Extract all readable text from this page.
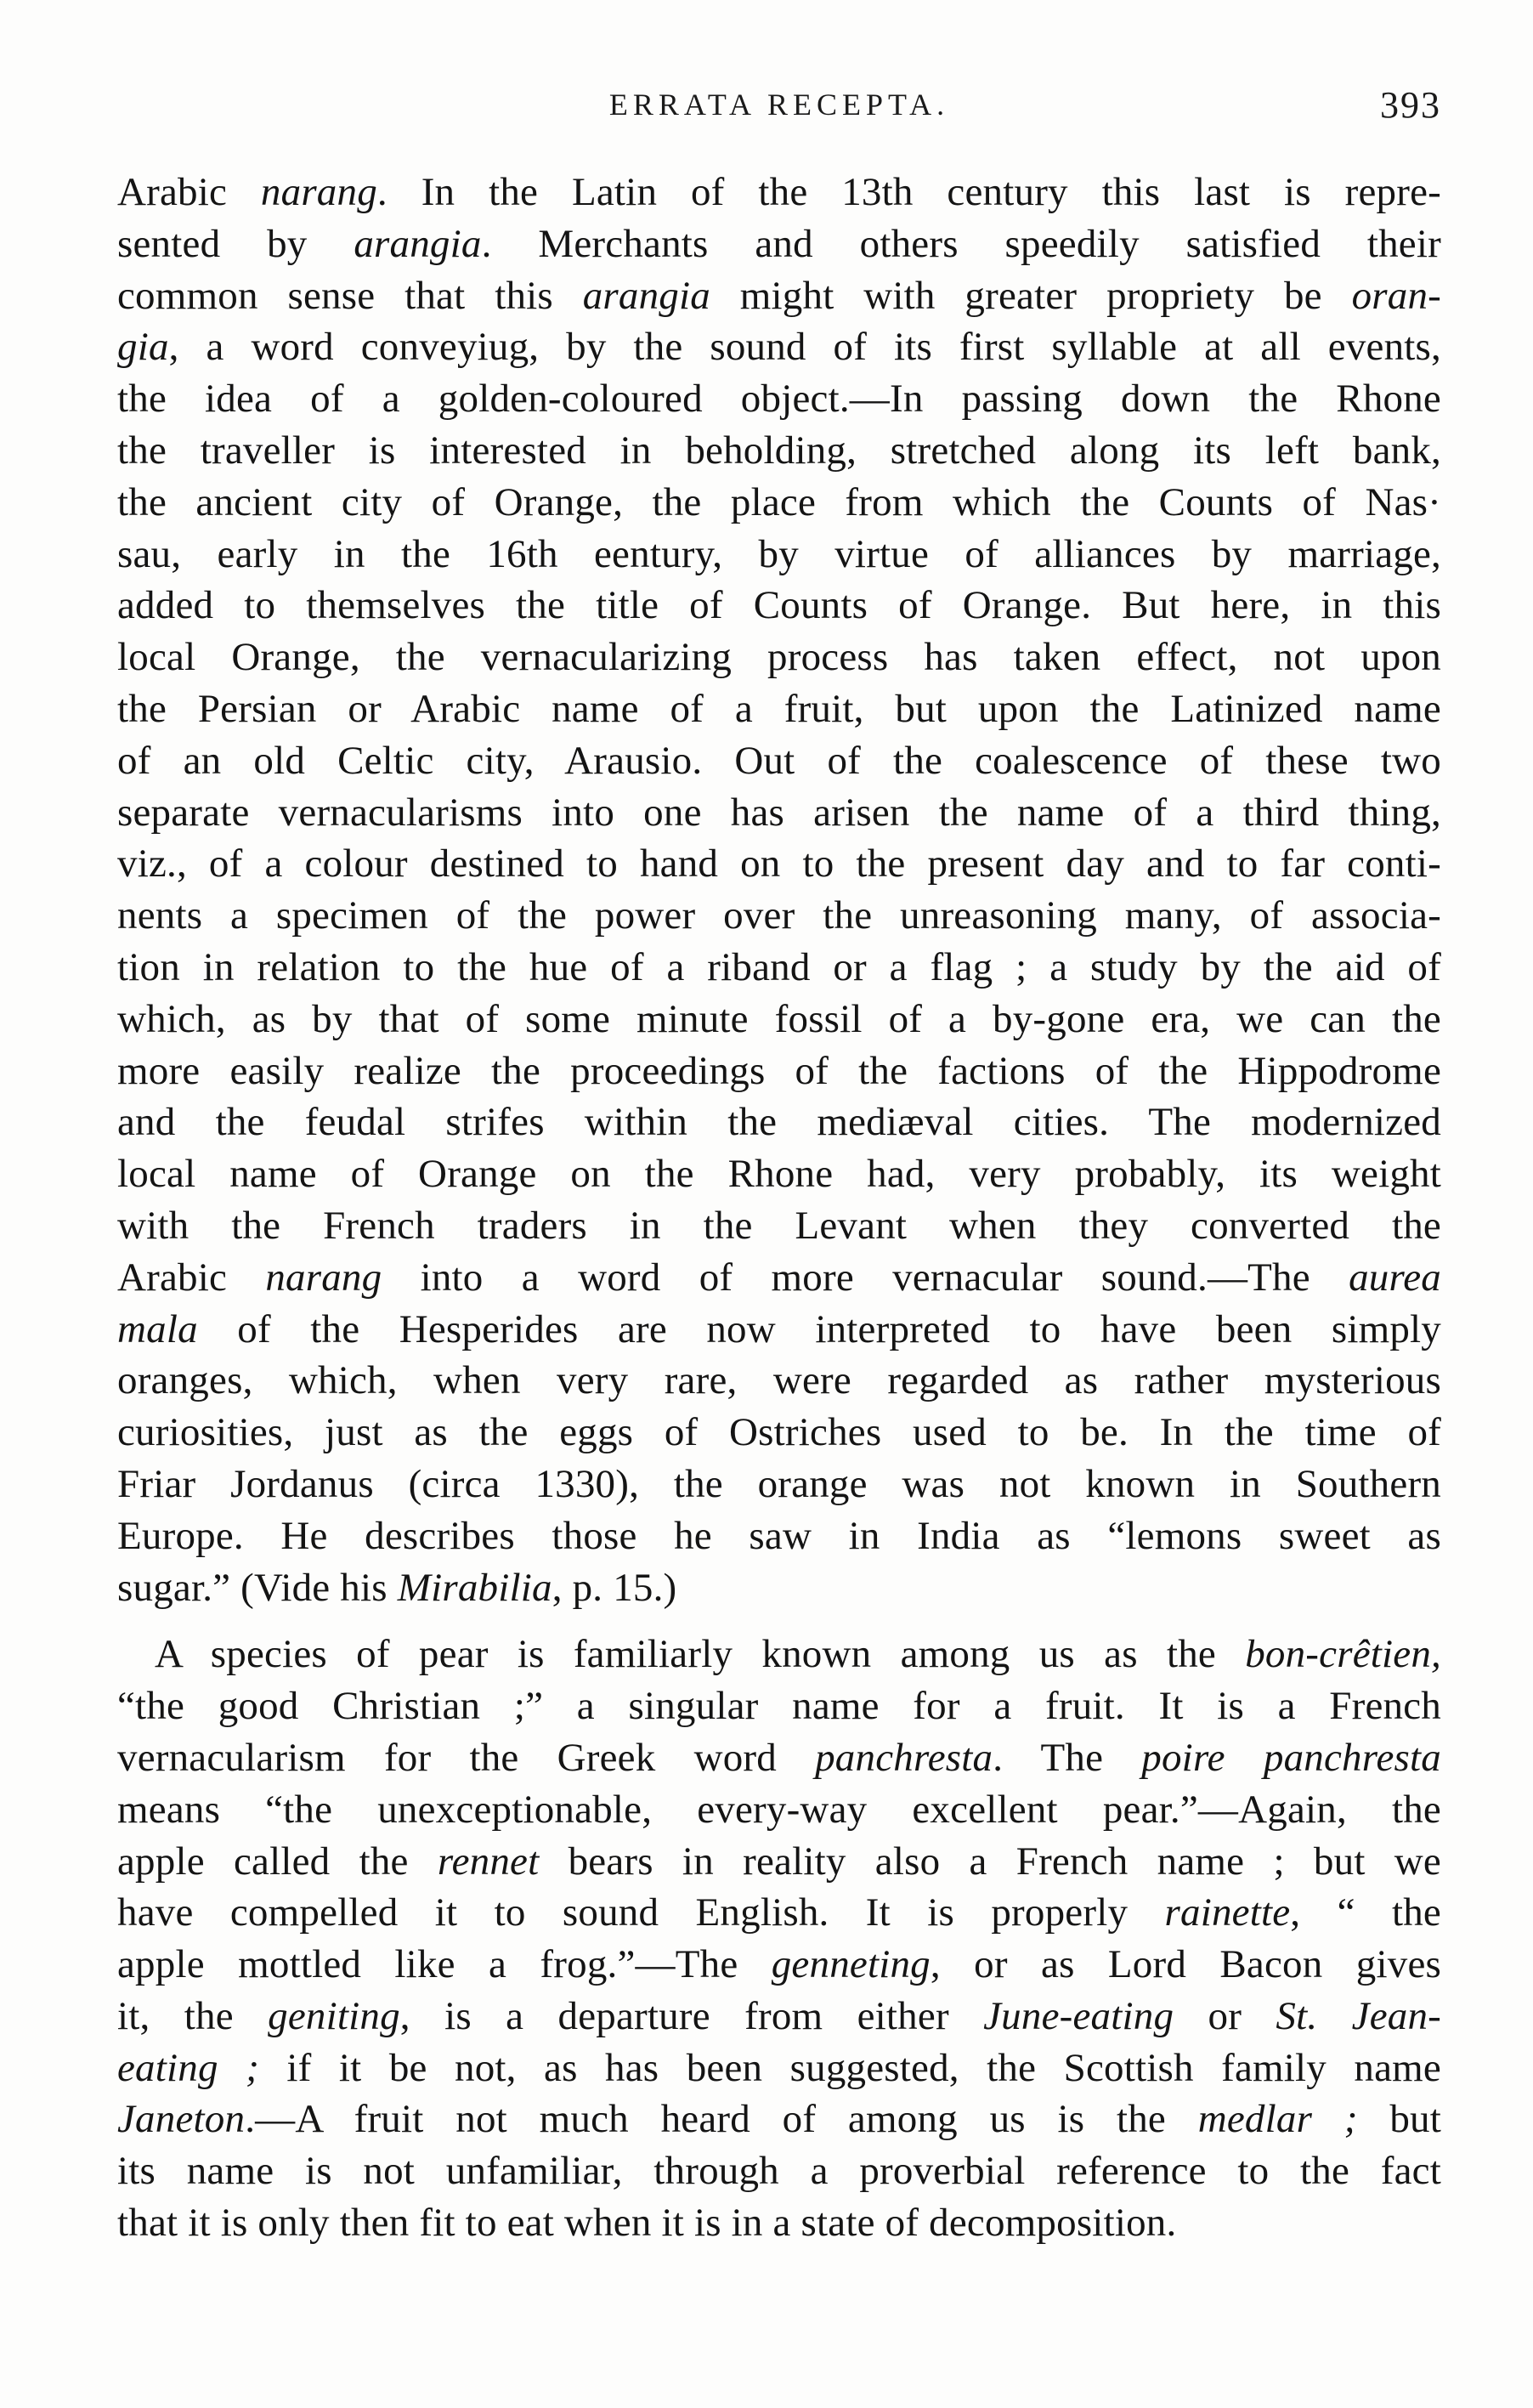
ERRATA RECEPTA.	393
Arabic narang. In the Latin of the 13th century this last is repre-
sented by arangia. Merchants and others speedily satisfied their
common sense that this arangia might with greater propriety be oran-
gia, a word conveyiug, by the sound of its first syllable at all events,
the idea of a golden-coloured object.—In passing down the Rhone
the traveller is interested in beholding, stretched along its left bank,
the ancient city of Orange, the place from which the Counts of Nas·
sau, early in the 16th eentury, by virtue of alliances by marriage,
added to themselves the title of Counts of Orange. But here, in this
local Orange, the vernacularizing process has taken effect, not upon
the Persian or Arabic name of a fruit, but upon the Latinized name
of an old Celtic city, Arausio. Out of the coalescence of these two
separate vernacularisms into one has arisen the name of a third thing,
viz., of a colour destined to hand on to the present day and to far conti-
nents a specimen of the power over the unreasoning many, of associa-
tion in relation to the hue of a riband or a flag ; a study by the aid of
which, as by that of some minute fossil of a by-gone era, we can the
more easily realize the proceedings of the factions of the Hippodrome
and the feudal strifes within the mediæval cities. The modernized
local name of Orange on the Rhone had, very probably, its weight
with the French traders in the Levant when they converted the
Arabic narang into a word of more vernacular sound.—The aurea
mala of the Hesperides are now interpreted to have been simply
oranges, which, when very rare, were regarded as rather mysterious
curiosities, just as the eggs of Ostriches used to be. In the time of
Friar Jordanus (circa 1330), the orange was not known in Southern
Europe. He describes those he saw in India as “lemons sweet as
sugar.” (Vide his Mirabilia, p. 15.)
A species of pear is familiarly known among us as the bon-crêtien,
“the good Christian ;” a singular name for a fruit. It is a French
vernacularism for the Greek word panchresta. The poire panchresta
means “the unexceptionable, every-way excellent pear.”—Again, the
apple called the rennet bears in reality also a French name ; but we
have compelled it to sound English. It is properly rainette, “ the
apple mottled like a frog.”—The genneting, or as Lord Bacon gives
it, the geniting, is a departure from either June-eating or St. Jean-
eating ; if it be not, as has been suggested, the Scottish family name
Janeton.—A fruit not much heard of among us is the medlar ; but
its name is not unfamiliar, through a proverbial reference to the fact
that it is only then fit to eat when it is in a state of decomposition.
